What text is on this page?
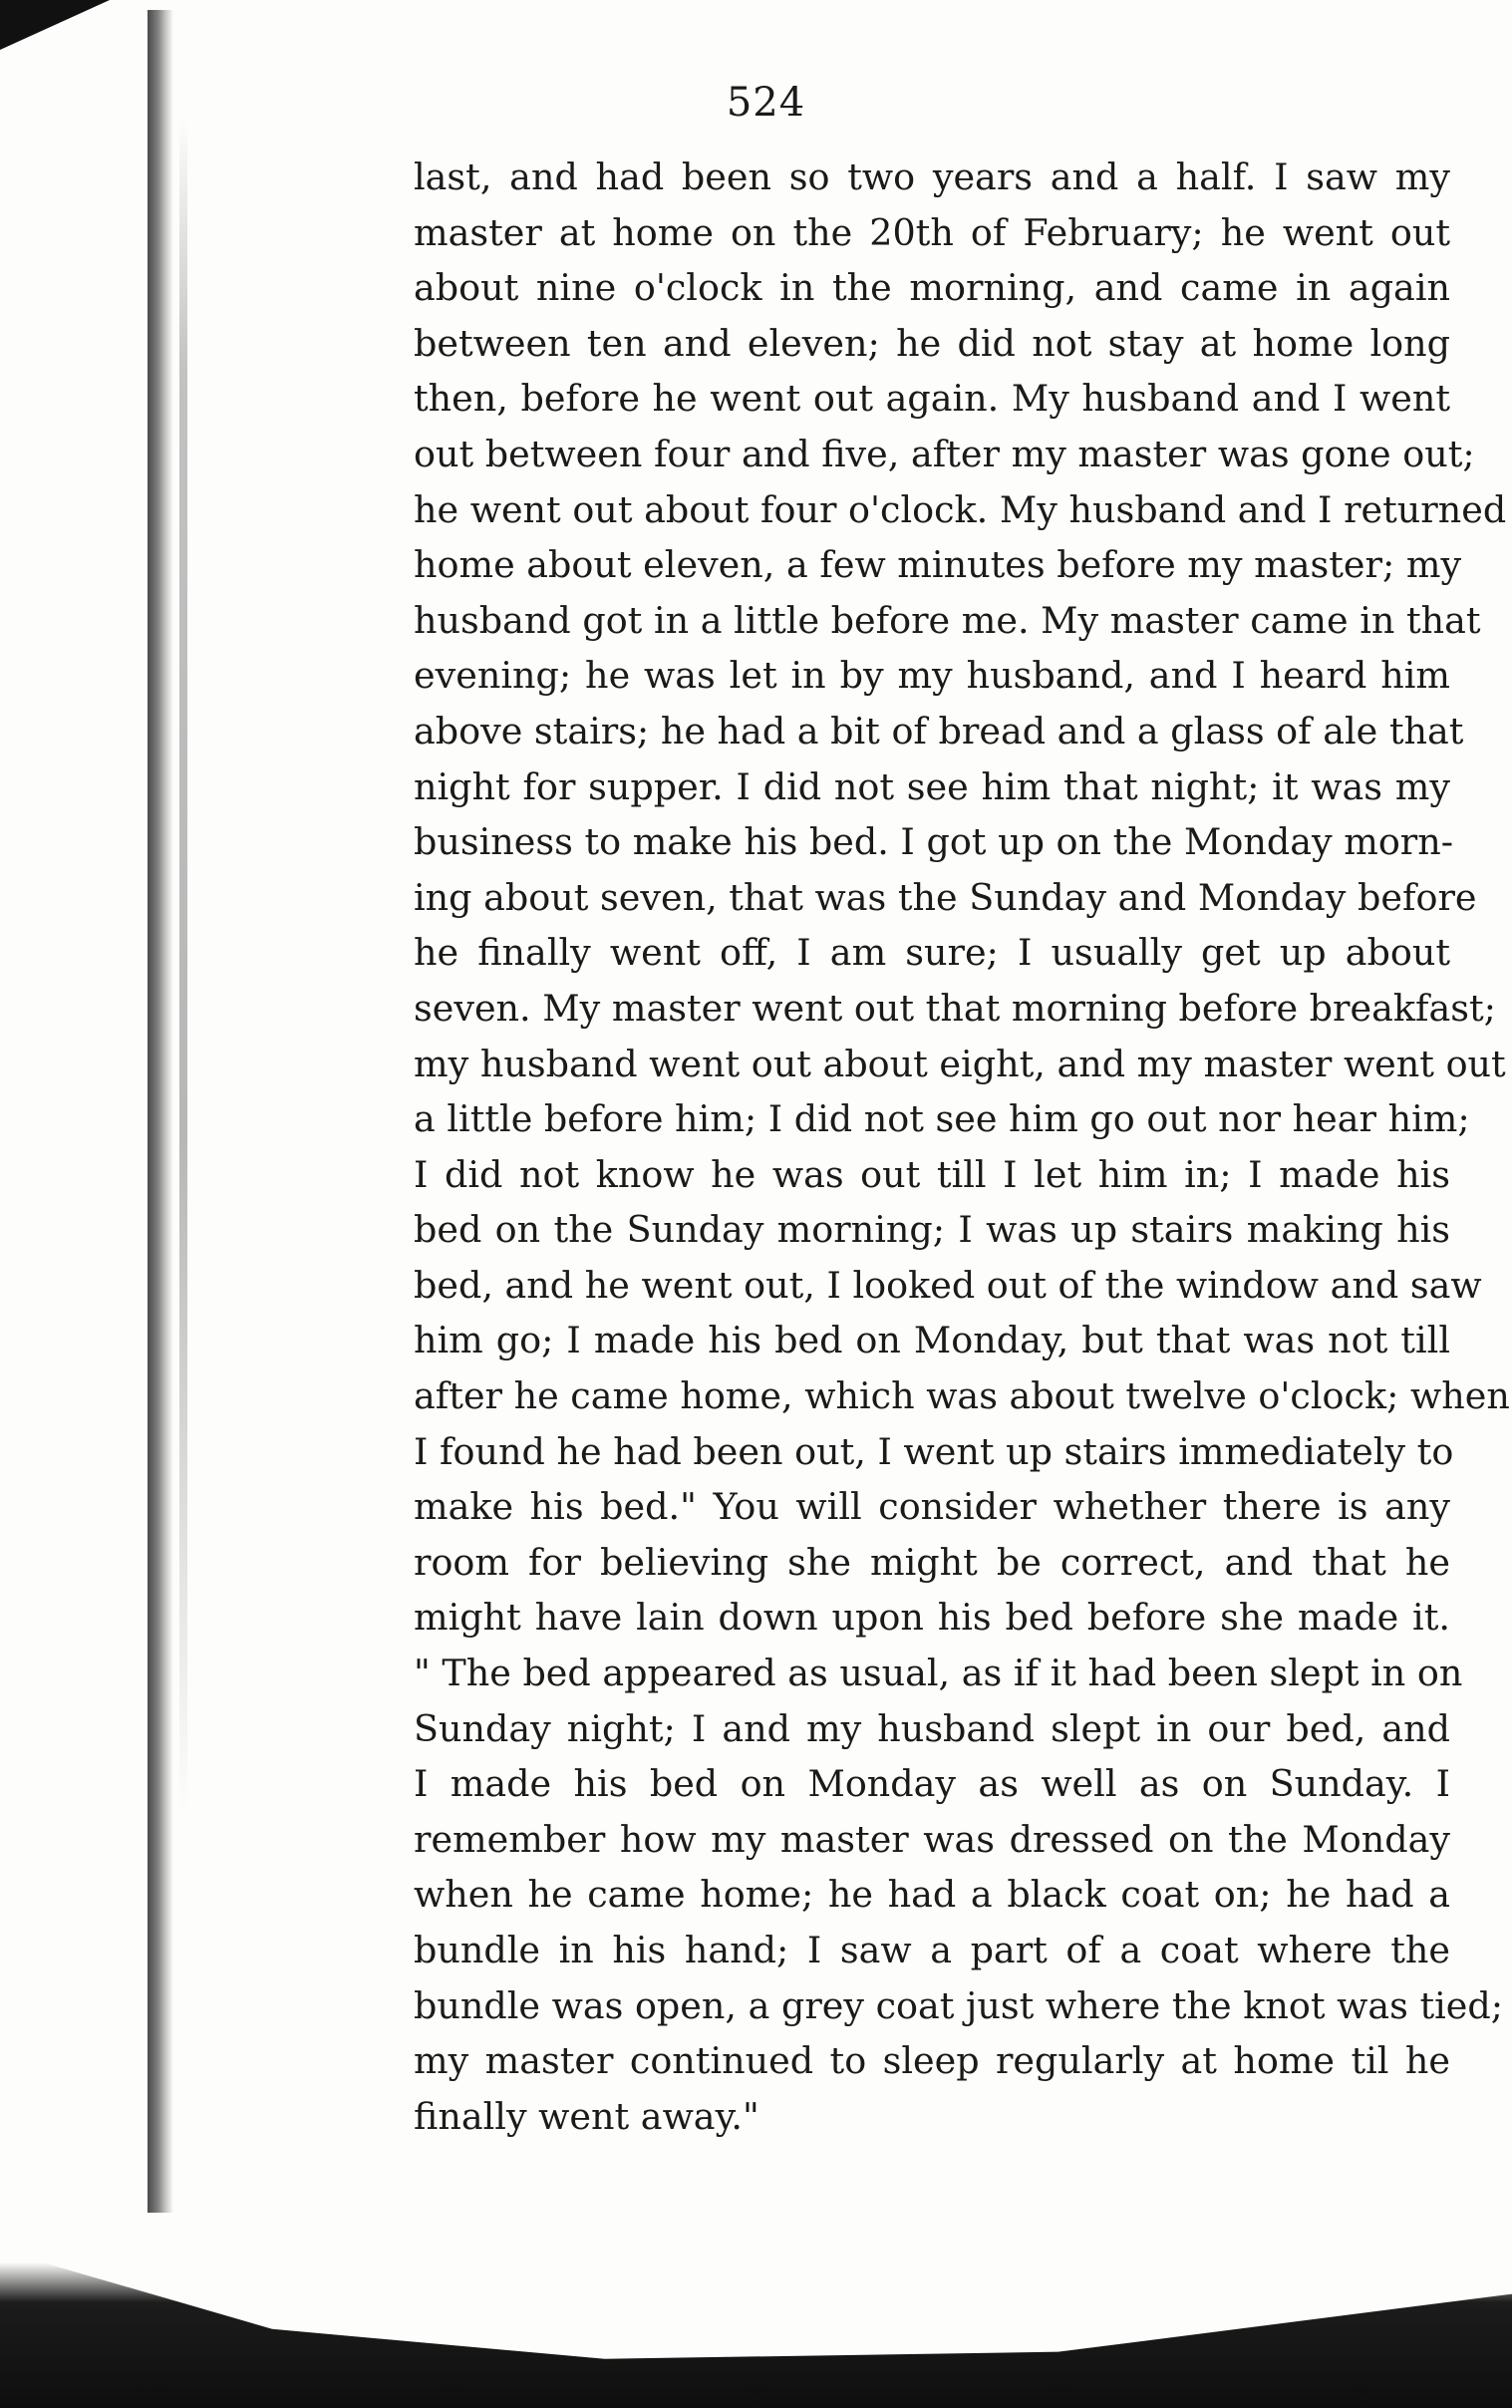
524
last, and had been so two years and a half. I saw my
master at home on the 20th of February; he went out
about nine o'clock in the morning, and came in again
between ten and eleven; he did not stay at home long
then, before he went out again. My husband and I went
out between four and five, after my master was gone out;
he went out about four o'clock. My husband and I returned
home about eleven, a few minutes before my master; my
husband got in a little before me. My master came in that
evening; he was let in by my husband, and I heard him
above stairs; he had a bit of bread and a glass of ale that
night for supper. I did not see him that night; it was my
business to make his bed. I got up on the Monday morn-
ing about seven, that was the Sunday and Monday before
he finally went off, I am sure; I usually get up about
seven. My master went out that morning before breakfast;
my husband went out about eight, and my master went out
a little before him; I did not see him go out nor hear him;
I did not know he was out till I let him in; I made his
bed on the Sunday morning; I was up stairs making his
bed, and he went out, I looked out of the window and saw
him go; I made his bed on Monday, but that was not till
after he came home, which was about twelve o'clock; when
I found he had been out, I went up stairs immediately to
make his bed." You will consider whether there is any
room for believing she might be correct, and that he
might have lain down upon his bed before she made it.
" The bed appeared as usual, as if it had been slept in on
Sunday night; I and my husband slept in our bed, and
I made his bed on Monday as well as on Sunday. I
remember how my master was dressed on the Monday
when he came home; he had a black coat on; he had a
bundle in his hand; I saw a part of a coat where the
bundle was open, a grey coat just where the knot was tied;
my master continued to sleep regularly at home til he
finally went away."
